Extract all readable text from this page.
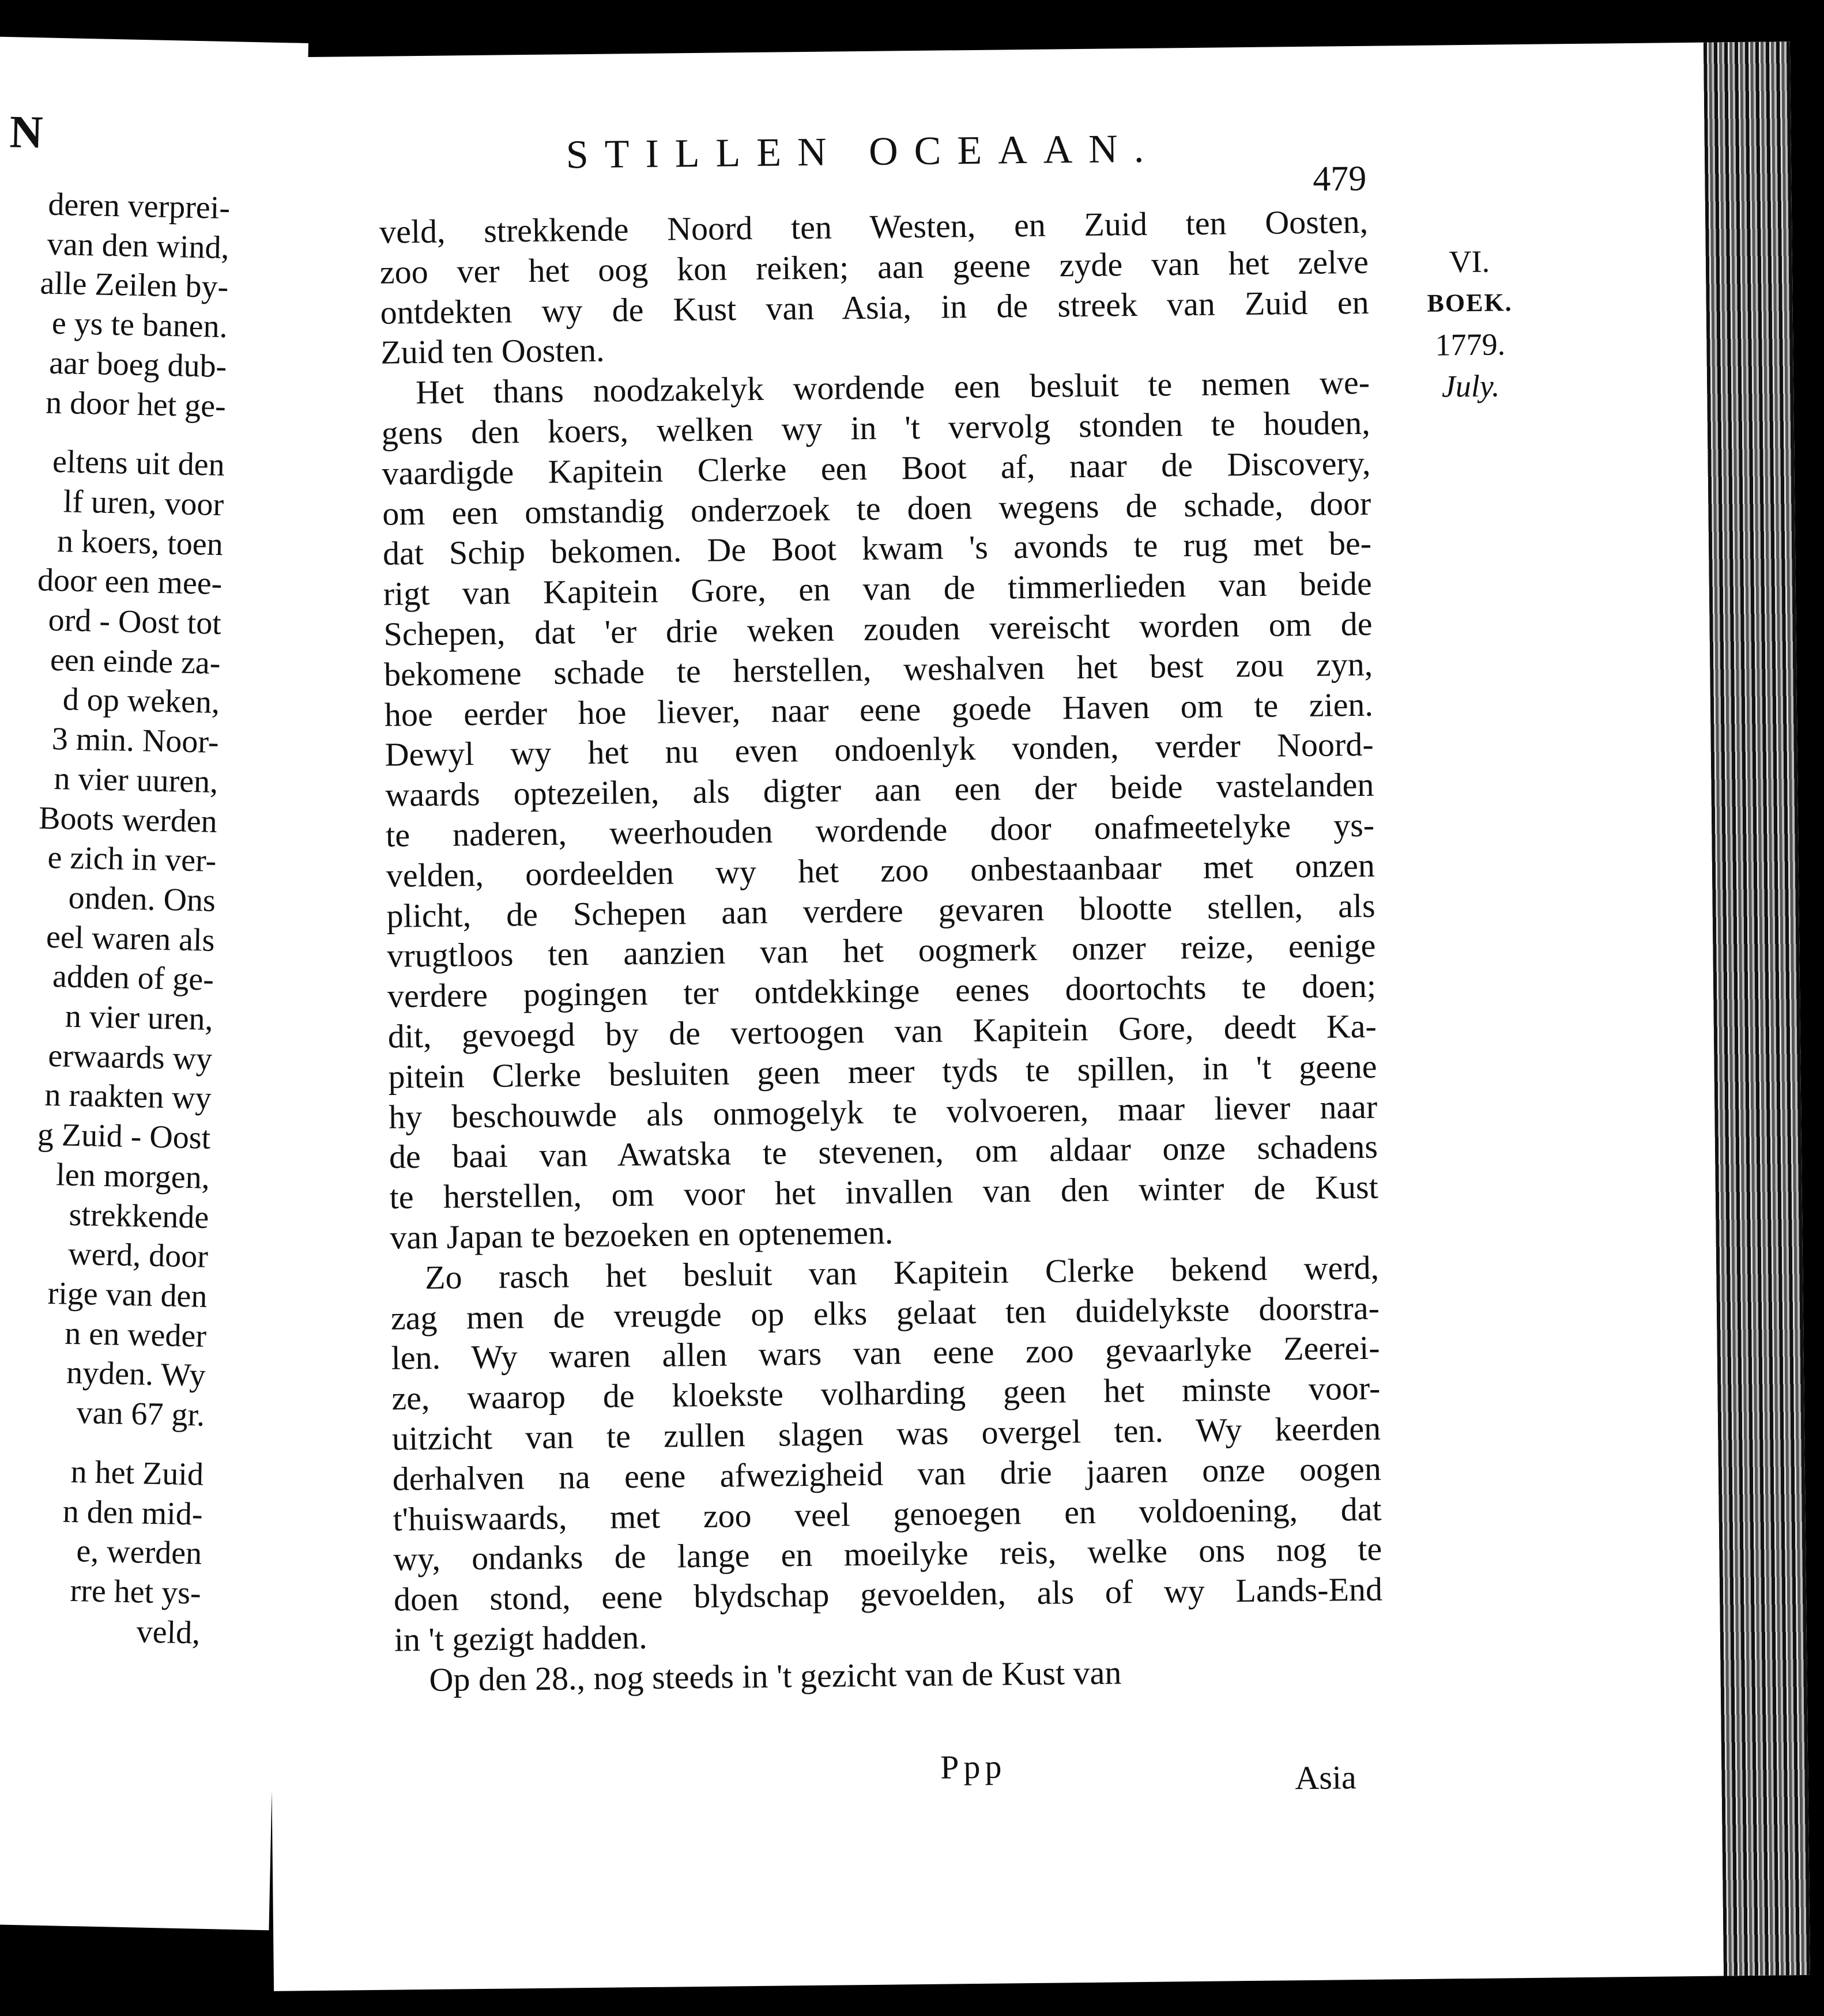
N
deren verprei-
van den wind,
alle Zeilen by-
e ys te banen.
aar boeg dub-
n door het ge-
eltens uit den
lf uren, voor
n koers, toen
door een mee-
ord - Oost tot
een einde za-
d op weken,
3 min. Noor-
n vier uuren,
Boots werden
e zich in ver-
onden. Ons
eel waren als
adden of ge-
n vier uren,
erwaards wy
n raakten wy
g Zuid - Oost
len morgen,
strekkende
werd, door
rige van den
n en weder
nyden. Wy
van 67 gr.
n het Zuid
n den mid-
e, werden
rre het ys-
veld,
STILLEN OCEAAN.
479
VI.
BOEK.
1779.
July.
veld, strekkende Noord ten Westen, en Zuid ten Oosten,
zoo ver het oog kon reiken; aan geene zyde van het zelve
ontdekten wy de Kust van Asia, in de streek van Zuid en
Zuid ten Oosten.
Het thans noodzakelyk wordende een besluit te nemen we-
gens den koers, welken wy in 't vervolg stonden te houden,
vaardigde Kapitein Clerke een Boot af, naar de Discovery,
om een omstandig onderzoek te doen wegens de schade, door
dat Schip bekomen. De Boot kwam 's avonds te rug met be-
rigt van Kapitein Gore, en van de timmerlieden van beide
Schepen, dat 'er drie weken zouden vereischt worden om de
bekomene schade te herstellen, weshalven het best zou zyn,
hoe eerder hoe liever, naar eene goede Haven om te zien.
Dewyl wy het nu even ondoenlyk vonden, verder Noord-
waards optezeilen, als digter aan een der beide vastelanden
te naderen, weerhouden wordende door onafmeetelyke ys-
velden, oordeelden wy het zoo onbestaanbaar met onzen
plicht, de Schepen aan verdere gevaren blootte stellen, als
vrugtloos ten aanzien van het oogmerk onzer reize, eenige
verdere pogingen ter ontdekkinge eenes doortochts te doen;
dit, gevoegd by de vertoogen van Kapitein Gore, deedt Ka-
pitein Clerke besluiten geen meer tyds te spillen, in 't geene
hy beschouwde als onmogelyk te volvoeren, maar liever naar
de baai van Awatska te stevenen, om aldaar onze schadens
te herstellen, om voor het invallen van den winter de Kust
van Japan te bezoeken en optenemen.
Zo rasch het besluit van Kapitein Clerke bekend werd,
zag men de vreugde op elks gelaat ten duidelykste doorstra-
len. Wy waren allen wars van eene zoo gevaarlyke Zeerei-
ze, waarop de kloekste volharding geen het minste voor-
uitzicht van te zullen slagen was overgel ten. Wy keerden
derhalven na eene afwezigheid van drie jaaren onze oogen
t'huiswaards, met zoo veel genoegen en voldoening, dat
wy, ondanks de lange en moeilyke reis, welke ons nog te
doen stond, eene blydschap gevoelden, als of wy Lands-End
in 't gezigt hadden.
Op den 28., nog steeds in 't gezicht van de Kust van
Ppp	Asia
